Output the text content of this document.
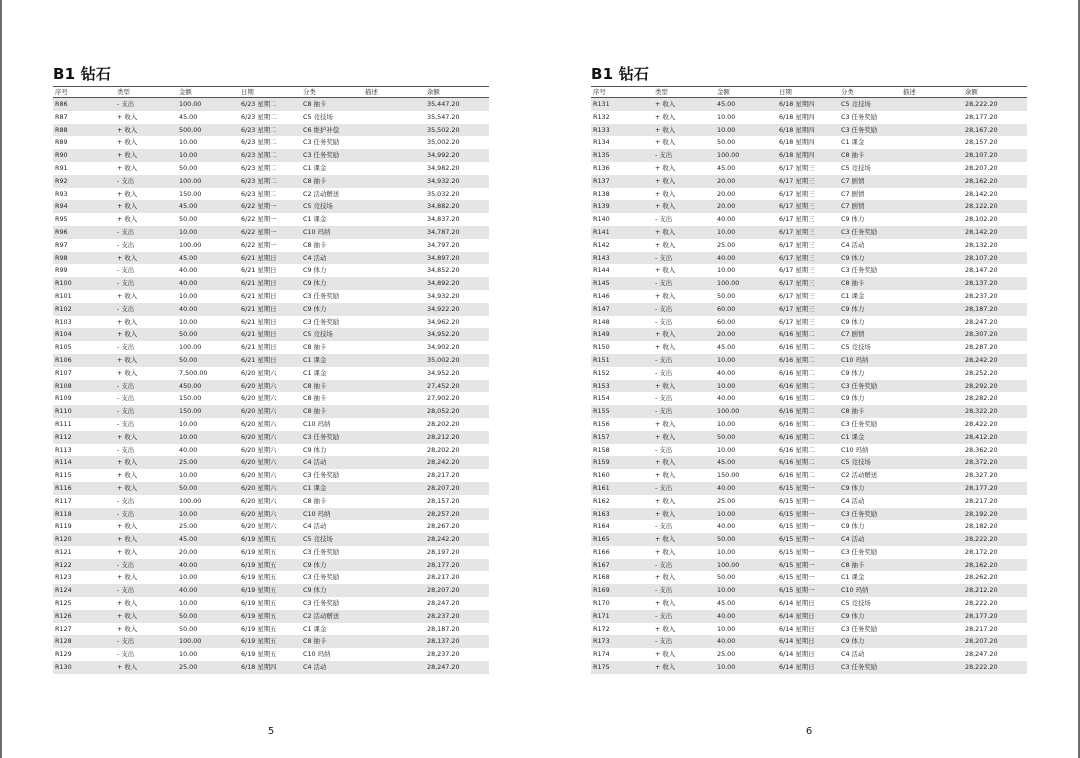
B1 钻石
序号	类型	金额	日期	分类	描述	余额
R86	- 支出	100.00	6/23 星期二	C8 抽卡		35,447.20
R87	+ 收入	45.00	6/23 星期二	C5 竞技场		35,547.20
R88	+ 收入	500.00	6/23 星期二	C6 维护补偿		35,502.20
R89	+ 收入	10.00	6/23 星期二	C3 任务奖励		35,002.20
R90	+ 收入	10.00	6/23 星期二	C3 任务奖励		34,992.20
R91	+ 收入	50.00	6/23 星期二	C1 课金		34,982.20
R92	- 支出	100.00	6/23 星期二	C8 抽卡		34,932.20
R93	+ 收入	150.00	6/23 星期二	C2 活动赠送		35,032.20
R94	+ 收入	45.00	6/22 星期一	C5 竞技场		34,882.20
R95	+ 收入	50.00	6/22 星期一	C1 课金		34,837.20
R96	- 支出	10.00	6/22 星期一	C10 玛纳		34,787.20
R97	- 支出	100.00	6/22 星期一	C8 抽卡		34,797.20
R98	+ 收入	45.00	6/21 星期日	C4 活动		34,897.20
R99	- 支出	40.00	6/21 星期日	C9 体力		34,852.20
R100	- 支出	40.00	6/21 星期日	C9 体力		34,892.20
R101	+ 收入	10.00	6/21 星期日	C3 任务奖励		34,932.20
R102	- 支出	40.00	6/21 星期日	C9 体力		34,922.20
R103	+ 收入	10.00	6/21 星期日	C3 任务奖励		34,962.20
R104	+ 收入	50.00	6/21 星期日	C5 竞技场		34,952.20
R105	- 支出	100.00	6/21 星期日	C8 抽卡		34,902.20
R106	+ 收入	50.00	6/21 星期日	C1 课金		35,002.20
R107	+ 收入	7,500.00	6/20 星期六	C1 课金		34,952.20
R108	- 支出	450.00	6/20 星期六	C8 抽卡		27,452.20
R109	- 支出	150.00	6/20 星期六	C8 抽卡		27,902.20
R110	- 支出	150.00	6/20 星期六	C8 抽卡		28,052.20
R111	- 支出	10.00	6/20 星期六	C10 玛纳		28,202.20
R112	+ 收入	10.00	6/20 星期六	C3 任务奖励		28,212.20
R113	- 支出	40.00	6/20 星期六	C9 体力		28,202.20
R114	+ 收入	25.00	6/20 星期六	C4 活动		28,242.20
R115	+ 收入	10.00	6/20 星期六	C3 任务奖励		28,217.20
R116	+ 收入	50.00	6/20 星期六	C1 课金		28,207.20
R117	- 支出	100.00	6/20 星期六	C8 抽卡		28,157.20
R118	- 支出	10.00	6/20 星期六	C10 玛纳		28,257.20
R119	+ 收入	25.00	6/20 星期六	C4 活动		28,267.20
R120	+ 收入	45.00	6/19 星期五	C5 竞技场		28,242.20
R121	+ 收入	20.00	6/19 星期五	C3 任务奖励		28,197.20
R122	- 支出	40.00	6/19 星期五	C9 体力		28,177.20
R123	+ 收入	10.00	6/19 星期五	C3 任务奖励		28,217.20
R124	- 支出	40.00	6/19 星期五	C9 体力		28,207.20
R125	+ 收入	10.00	6/19 星期五	C3 任务奖励		28,247.20
R126	+ 收入	50.00	6/19 星期五	C2 活动赠送		28,237.20
R127	+ 收入	50.00	6/19 星期五	C1 课金		28,187.20
R128	- 支出	100.00	6/19 星期五	C8 抽卡		28,137.20
R129	- 支出	10.00	6/19 星期五	C10 玛纳		28,237.20
R130	+ 收入	25.00	6/18 星期四	C4 活动		28,247.20
5
B1 钻石
序号	类型	金额	日期	分类	描述	余额
R131	+ 收入	45.00	6/18 星期四	C5 竞技场		28,222.20
R132	+ 收入	10.00	6/18 星期四	C3 任务奖励		28,177.20
R133	+ 收入	10.00	6/18 星期四	C3 任务奖励		28,167.20
R134	+ 收入	50.00	6/18 星期四	C1 课金		28,157.20
R135	- 支出	100.00	6/18 星期四	C8 抽卡		28,107.20
R136	+ 收入	45.00	6/17 星期三	C5 竞技场		28,207.20
R137	+ 收入	20.00	6/17 星期三	C7 剧情		28,162.20
R138	+ 收入	20.00	6/17 星期三	C7 剧情		28,142.20
R139	+ 收入	20.00	6/17 星期三	C7 剧情		28,122.20
R140	- 支出	40.00	6/17 星期三	C9 体力		28,102.20
R141	+ 收入	10.00	6/17 星期三	C3 任务奖励		28,142.20
R142	+ 收入	25.00	6/17 星期三	C4 活动		28,132.20
R143	- 支出	40.00	6/17 星期三	C9 体力		28,107.20
R144	+ 收入	10.00	6/17 星期三	C3 任务奖励		28,147.20
R145	- 支出	100.00	6/17 星期三	C8 抽卡		28,137.20
R146	+ 收入	50.00	6/17 星期三	C1 课金		28,237.20
R147	- 支出	60.00	6/17 星期三	C9 体力		28,187.20
R148	- 支出	60.00	6/17 星期三	C9 体力		28,247.20
R149	+ 收入	20.00	6/16 星期二	C7 剧情		28,307.20
R150	+ 收入	45.00	6/16 星期二	C5 竞技场		28,287.20
R151	- 支出	10.00	6/16 星期二	C10 玛纳		28,242.20
R152	- 支出	40.00	6/16 星期二	C9 体力		28,252.20
R153	+ 收入	10.00	6/16 星期二	C3 任务奖励		28,292.20
R154	- 支出	40.00	6/16 星期二	C9 体力		28,282.20
R155	- 支出	100.00	6/16 星期二	C8 抽卡		28,322.20
R156	+ 收入	10.00	6/16 星期二	C3 任务奖励		28,422.20
R157	+ 收入	50.00	6/16 星期二	C1 课金		28,412.20
R158	- 支出	10.00	6/16 星期二	C10 玛纳		28,362.20
R159	+ 收入	45.00	6/16 星期二	C5 竞技场		28,372.20
R160	+ 收入	150.00	6/16 星期二	C2 活动赠送		28,327.20
R161	- 支出	40.00	6/15 星期一	C9 体力		28,177.20
R162	+ 收入	25.00	6/15 星期一	C4 活动		28,217.20
R163	+ 收入	10.00	6/15 星期一	C3 任务奖励		28,192.20
R164	- 支出	40.00	6/15 星期一	C9 体力		28,182.20
R165	+ 收入	50.00	6/15 星期一	C4 活动		28,222.20
R166	+ 收入	10.00	6/15 星期一	C3 任务奖励		28,172.20
R167	- 支出	100.00	6/15 星期一	C8 抽卡		28,162.20
R168	+ 收入	50.00	6/15 星期一	C1 课金		28,262.20
R169	- 支出	10.00	6/15 星期一	C10 玛纳		28,212.20
R170	+ 收入	45.00	6/14 星期日	C5 竞技场		28,222.20
R171	- 支出	40.00	6/14 星期日	C9 体力		28,177.20
R172	+ 收入	10.00	6/14 星期日	C3 任务奖励		28,217.20
R173	- 支出	40.00	6/14 星期日	C9 体力		28,207.20
R174	+ 收入	25.00	6/14 星期日	C4 活动		28,247.20
R175	+ 收入	10.00	6/14 星期日	C3 任务奖励		28,222.20
6
